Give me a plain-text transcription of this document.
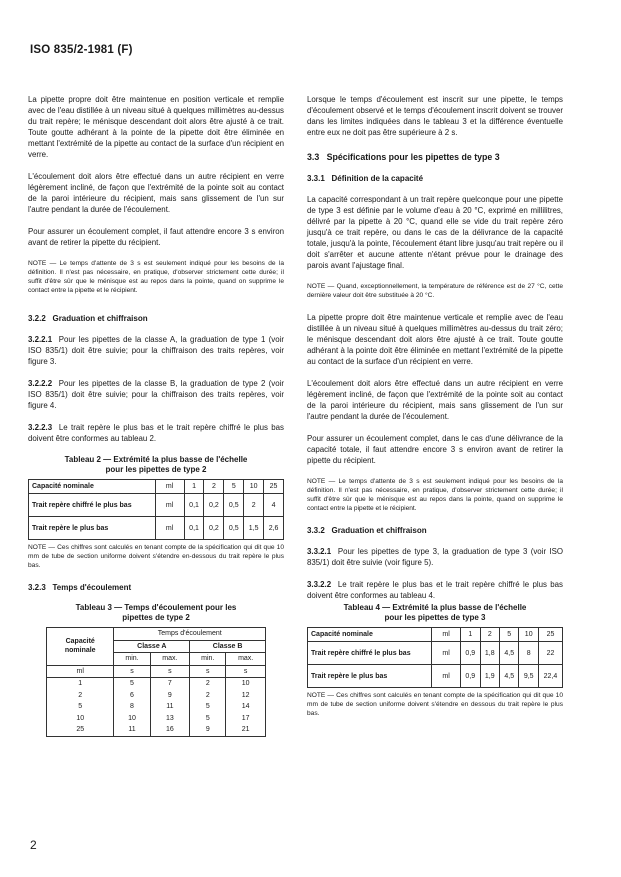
ISO 835/2-1981 (F)

La pipette propre doit être maintenue en position verticale et remplie avec de l'eau distillée à un niveau situé à quelques millimètres au-dessus du trait repère; le ménisque descendant doit alors être ajusté à ce trait. Toute goutte adhérant à la pointe de la pipette doit être éliminée en mettant l'extrémité de la pipette au contact de la surface d'un récipient en verre.

L'écoulement doit alors être effectué dans un autre récipient en verre légèrement incliné, de façon que l'extrémité de la pointe soit au contact de la paroi intérieure du récipient, mais sans glissement de l'un sur l'autre pendant la durée de l'écoulement.

Pour assurer un écoulement complet, il faut attendre encore 3 s environ avant de retirer la pipette du récipient.

NOTE — Le temps d'attente de 3 s est seulement indiqué pour les besoins de la définition. Il n'est pas nécessaire, en pratique, d'observer strictement cette durée; il suffit d'être sûr que le ménisque est au repos dans la pointe, quand on supprime le contact entre la pipette et le récipient.

3.2.2 Graduation et chiffraison

3.2.2.1 Pour les pipettes de la classe A, la graduation de type 1 (voir ISO 835/1) doit être suivie; pour la chiffraison des traits repères, voir figure 3.

3.2.2.2 Pour les pipettes de la classe B, la graduation de type 2 (voir ISO 835/1) doit être suivie; pour la chiffraison des traits repères, voir figure 4.

3.2.2.3 Le trait repère le plus bas et le trait repère chiffré le plus bas doivent être conformes au tableau 2.

Tableau 2 — Extrémité la plus basse de l'échelle
pour les pipettes de type 2
Capacité nominale	ml	1	2	5	10	25
Trait repère chiffré le plus bas	ml	0,1	0,2	0,5	2	4
Trait repère le plus bas	ml	0,1	0,2	0,5	1,5	2,6

NOTE — Ces chiffres sont calculés en tenant compte de la spécification qui dit que 10 mm de tube de section uniforme doivent s'étendre en-dessous du trait repère le plus bas.

3.2.3 Temps d'écoulement
Tableau 3 — Temps d'écoulement pour les
pipettes de type 2
Capacité
nominale	Temps d'écoulement			
	Classe A		Classe B	
	min.	max.	min.	max.
ml	s	s	s	s
1	5	7	2	10
2	6	9	2	12
5	8	11	5	14
10	10	13	5	17
25	11	16	9	21

Lorsque le temps d'écoulement est inscrit sur une pipette, le temps d'écoulement observé et le temps d'écoulement inscrit doivent se trouver dans les limites indiquées dans le tableau 3 et la différence éventuelle entre eux ne doit pas être supérieure à 2 s.

3.3 Spécifications pour les pipettes de type 3
3.3.1 Définition de la capacité

La capacité correspondant à un trait repère quelconque pour une pipette de type 3 est définie par le volume d'eau à 20 °C, exprimé en millilitres, délivré par la pipette à 20 °C, quand elle se vide du trait repère zéro jusqu'à ce trait repère, ou dans le cas de la délivrance de la capacité totale, jusqu'à la pointe, l'écoulement étant libre jusqu'au trait repère ou il doit s'arrêter et aucune attente n'étant prévue pour le drainage des parois avant l'ajustage final.

NOTE — Quand, exceptionnellement, la température de référence est de 27 °C, cette dernière valeur doit être substituée à 20 °C.

La pipette propre doit être maintenue verticale et remplie avec de l'eau distillée à un niveau situé à quelques millimètres au-dessus du trait zéro; le ménisque descendant doit alors être ajusté à ce trait. Toute goutte adhérant à la pointe doit être éliminée en mettant l'extrémité de la pipette au contact de la surface d'un récipient en verre.

L'écoulement doit alors être effectué dans un autre récipient en verre légèrement incliné, de façon que l'extrémité de la pointe soit au contact de la paroi intérieure du récipient, mais sans glissement de l'un sur l'autre pendant la durée de l'écoulement.

Pour assurer un écoulement complet, dans le cas d'une délivrance de la capacité totale, il faut attendre encore 3 s environ avant de retirer la pipette du récipient.

NOTE — Le temps d'attente de 3 s est seulement indiqué pour les besoins de la définition. Il n'est pas nécessaire, en pratique, d'observer strictement cette durée; il suffit d'être sûr que le ménisque est au repos dans la pointe, quand on supprime le contact entre la pipette et le récipient.

3.3.2 Graduation et chiffraison

3.3.2.1 Pour les pipettes de type 3, la graduation de type 3 (voir ISO 835/1) doit être suivie (voir figure 5).

3.3.2.2 Le trait repère le plus bas et le trait repère chiffré le plus bas doivent être conformes au tableau 4.

Tableau 4 — Extrémité la plus basse de l'échelle
pour les pipettes de type 3
Capacité nominale	ml	1	2	5	10	25
Trait repère chiffré le plus bas	ml	0,9	1,8	4,5	8	22
Trait repère le plus bas	ml	0,9	1,9	4,5	9,5	22,4

NOTE — Ces chiffres sont calculés en tenant compte de la spécification qui dit que 10 mm de tube de section uniforme doivent s'étendre en dessous du trait repère le plus bas.

2
